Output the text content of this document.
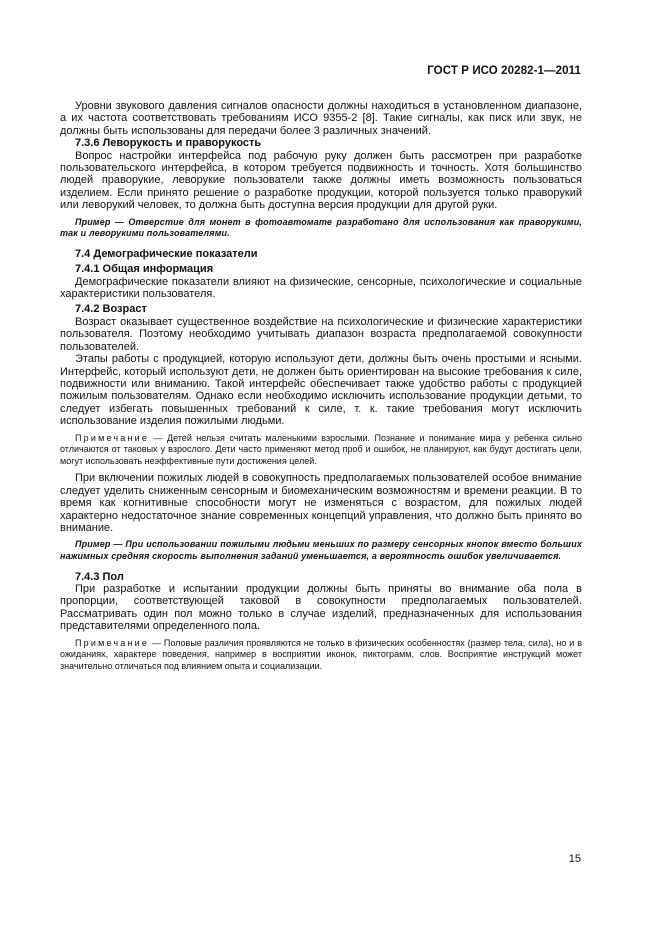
ГОСТ Р ИСО 20282-1—2011

Уровни звукового давления сигналов опасности должны находиться в установленном диапазоне, а их частота соответствовать требованиям ИСО 9355-2 [8]. Такие сигналы, как писк или звук, не должны быть использованы для передачи более 3 различных значений.

7.3.6 Леворукость и праворукость

Вопрос настройки интерфейса под рабочую руку должен быть рассмотрен при разработке пользовательского интерфейса, в котором требуется подвижность и точность. Хотя большинство людей праворукие, леворукие пользователи также должны иметь возможность пользоваться изделием. Если принято решение о разработке продукции, которой пользуется только праворукий или леворукий человек, то должна быть доступна версия продукции для другой руки.

Пример — Отверстие для монет в фотоавтомате разработано для использования как праворукими, так и леворукими пользователями.

7.4 Демографические показатели

7.4.1 Общая информация

Демографические показатели влияют на физические, сенсорные, психологические и социальные характеристики пользователя.

7.4.2 Возраст

Возраст оказывает существенное воздействие на психологические и физические характеристики пользователя. Поэтому необходимо учитывать диапазон возраста предполагаемой совокупности пользователей.

Этапы работы с продукцией, которую используют дети, должны быть очень простыми и ясными. Интерфейс, который используют дети, не должен быть ориентирован на высокие требования к силе, подвижности или вниманию. Такой интерфейс обеспечивает также удобство работы с продукцией пожилым пользователям. Однако если необходимо исключить использование продукции детьми, то следует избегать повышенных требований к силе, т. к. такие требования могут исключить использование изделия пожилыми людьми.

Примечание — Детей нельзя считать маленькими взрослыми. Познание и понимание мира у ребенка сильно отличаются от таковых у взрослого. Дети часто применяют метод проб и ошибок, не планируют, как будут достигать цели, могут использовать неэффективные пути достижения целей.

При включении пожилых людей в совокупность предполагаемых пользователей особое внимание следует уделить сниженным сенсорным и биомеханическим возможностям и времени реакции. В то время как когнитивные способности могут не изменяться с возрастом, для пожилых людей характерно недостаточное знание современных концепций управления, что должно быть принято во внимание.

Пример — При использовании пожилыми людьми меньших по размеру сенсорных кнопок вместо больших нажимных средняя скорость выполнения заданий уменьшается, а вероятность ошибок увеличивается.

7.4.3 Пол

При разработке и испытании продукции должны быть приняты во внимание оба пола в пропорции, соответствующей таковой в совокупности предполагаемых пользователей. Рассматривать один пол можно только в случае изделий, предназначенных для использования представителями определенного пола.

Примечание — Половые различия проявляются не только в физических особенностях (размер тела, сила), но и в ожиданиях, характере поведения, например в восприятии иконок, пиктограмм, слов. Восприятие инструкций может значительно отличаться под влиянием опыта и социализации.

15
